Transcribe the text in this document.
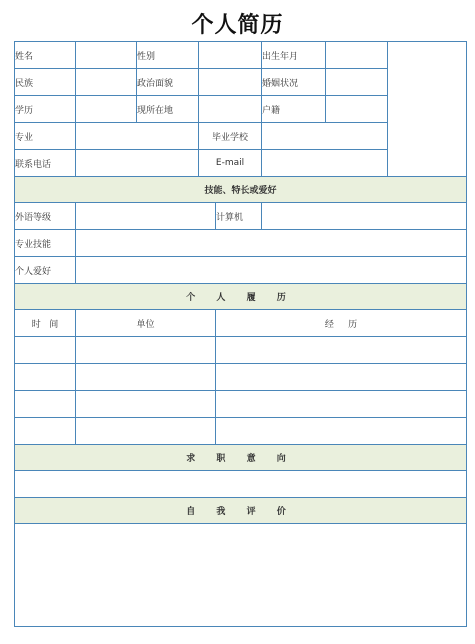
个人简历
姓名		性别			出生年月		
民族		政治面貌			婚姻状况		
学历		现所在地			户籍		
专业			毕业学校				
联系电话			E-mail				
技能、特长或爱好							
外语等级				计算机			
专业技能							
个人爱好							
个 人 履 历							
时   间	单位			经     历			

求 职 意 向							

自 我 评 价							
